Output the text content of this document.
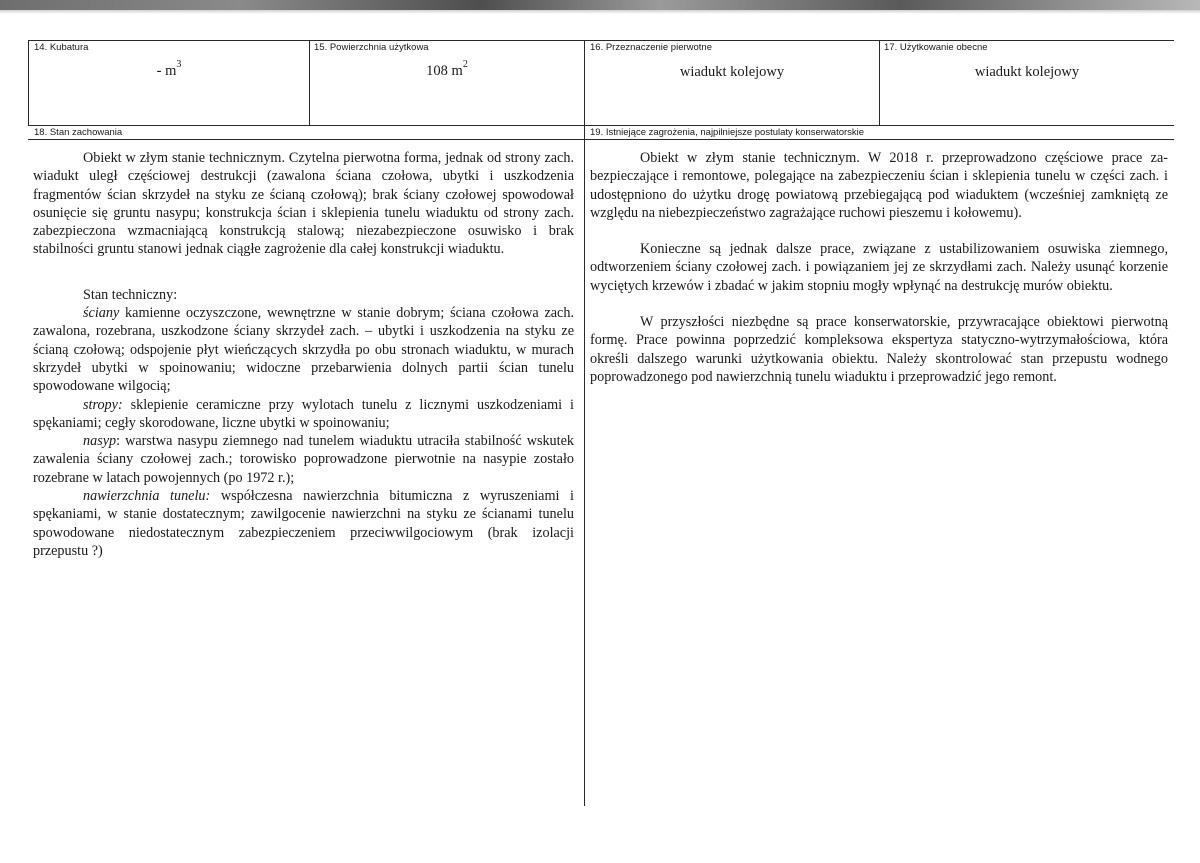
14. Kubatura
- $m^3$
15. Powierzchnia użytkowa
108 $m^2$
16. Przeznaczenie pierwotne
wiadukt kolejowy
17. Użytkowanie obecne
wiadukt kolejowy
18. Stan zachowania	19. Istniejące zagrożenia, najpilniejsze postulaty konserwatorskie

Obiekt w złym stanie technicznym. Czytelna pierwotna forma, jednak od strony zach. wiadukt uległ częściowej destrukcji (zawalona ściana czołowa, ubytki i uszkodzenia fragmentów ścian skrzydeł na styku ze ścianą czołową); brak ściany czołowej spowodował osunięcie się gruntu nasypu; konstrukcja ścian i sklepienia tunelu wiaduktu od strony zach. zabezpieczona wzmacniającą konstrukcją stalową; niezabezpieczone osuwisko i brak stabilności gruntu stanowi jednak ciągłe zagrożenie dla całej konstrukcji wiaduktu.

Stan techniczny:

ściany kamienne oczyszczone, wewnętrzne w stanie dobrym; ściana czołowa zach. zawalona, rozebrana, uszkodzone ściany skrzydeł zach. – ubytki i uszkodzenia na styku ze ścianą czołową; odspojenie płyt wieńczących skrzydła po obu stronach wiaduktu, w murach skrzydeł ubytki w spoinowaniu; widoczne przebarwienia dolnych partii ścian tunelu spowodowane wilgocią;

stropy: sklepienie ceramiczne przy wylotach tunelu z licznymi uszkodzeniami i spękaniami; cegły skorodowane, liczne ubytki w spoinowaniu;

nasyp: warstwa nasypu ziemnego nad tunelem wiaduktu utraciła stabilność wskutek zawalenia ściany czołowej zach.; torowisko poprowadzone pierwotnie na nasypie zostało rozebrane w latach powojennych (po 1972 r.);

nawierzchnia tunelu: współczesna nawierzchnia bitumiczna z wyruszeniami i spękaniami, w stanie dostatecznym; zawilgocenie nawierzchni na styku ze ścianami tunelu spowodowane niedostatecznym zabezpieczeniem przeciwwilgociowym (brak izolacji przepustu ?)

Obiekt w złym stanie technicznym. W 2018 r. przeprowadzono częściowe prace zabezpieczające i remontowe, polegające na zabezpieczeniu ścian i sklepienia tunelu w części zach. i udostępniono do użytku drogę powiatową przebiegającą pod wiaduktem (wcześniej zamkniętą ze względu na niebezpieczeństwo zagrażające ruchowi pieszemu i kołowemu).

Konieczne są jednak dalsze prace, związane z ustabilizowaniem osuwiska ziemnego, odtworzeniem ściany czołowej zach. i powiązaniem jej ze skrzydłami zach. Należy usunąć korzenie wyciętych krzewów i zbadać w jakim stopniu mogły wpłynąć na destrukcję murów obiektu.

W przyszłości niezbędne są prace konserwatorskie, przywracające obiektowi pierwotną formę. Prace powinna poprzedzić kompleksowa ekspertyza statyczno-wytrzymałościowa, która określi dalszego warunki użytkowania obiektu. Należy skontrolować stan przepustu wodnego poprowadzonego pod nawierzchnią tunelu wiaduktu i przeprowadzić jego remont.
